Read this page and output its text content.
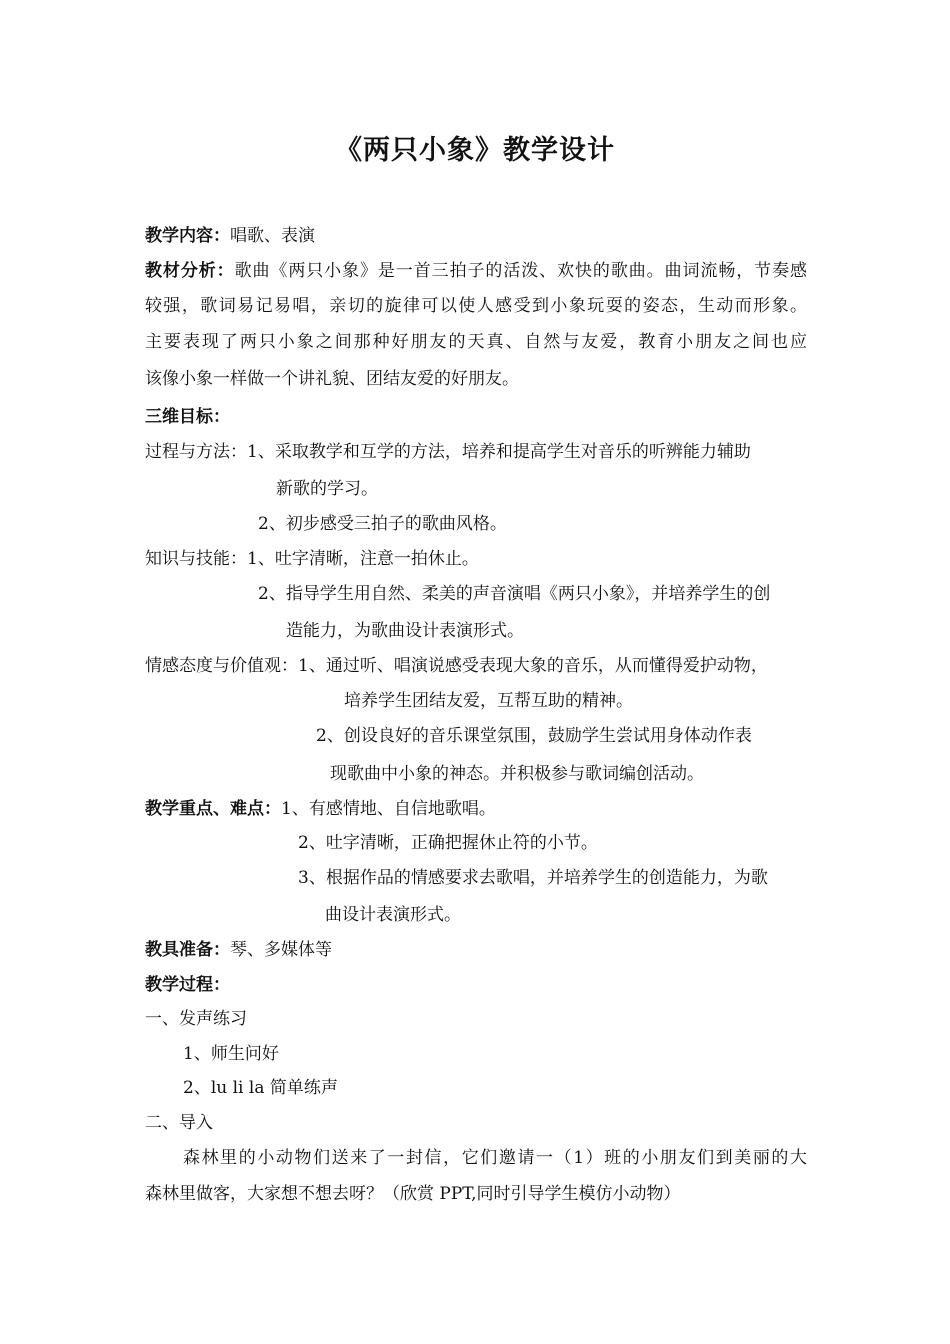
《两只小象》教学设计
教学内容：唱歌、表演
教材分析：歌曲《两只小象》是一首三拍子的活泼、欢快的歌曲。曲词流畅，节奏感
较强，歌词易记易唱，亲切的旋律可以使人感受到小象玩耍的姿态，生动而形象。
主要表现了两只小象之间那种好朋友的天真、自然与友爱，教育小朋友之间也应
该像小象一样做一个讲礼貌、团结友爱的好朋友。
三维目标：
过程与方法：1、采取教学和互学的方法，培养和提高学生对音乐的听辨能力辅助
新歌的学习。
2、初步感受三拍子的歌曲风格。
知识与技能：1、吐字清晰，注意一拍休止。
2、指导学生用自然、柔美的声音演唱《两只小象》，并培养学生的创
造能力，为歌曲设计表演形式。
情感态度与价值观：1、通过听、唱演说感受表现大象的音乐，从而懂得爱护动物，
培养学生团结友爱，互帮互助的精神。
2、创设良好的音乐课堂氛围，鼓励学生尝试用身体动作表
现歌曲中小象的神态。并积极参与歌词编创活动。
教学重点、难点：1、有感情地、自信地歌唱。
2、吐字清晰，正确把握休止符的小节。
3、根据作品的情感要求去歌唱，并培养学生的创造能力，为歌
曲设计表演形式。
教具准备：琴、多媒体等
教学过程：
一、发声练习
1、师生问好
2、lu li la 简单练声
二、导入
森林里的小动物们送来了一封信，它们邀请一（1）班的小朋友们到美丽的大
森林里做客，大家想不想去呀？（欣赏 PPT,同时引导学生模仿小动物）
